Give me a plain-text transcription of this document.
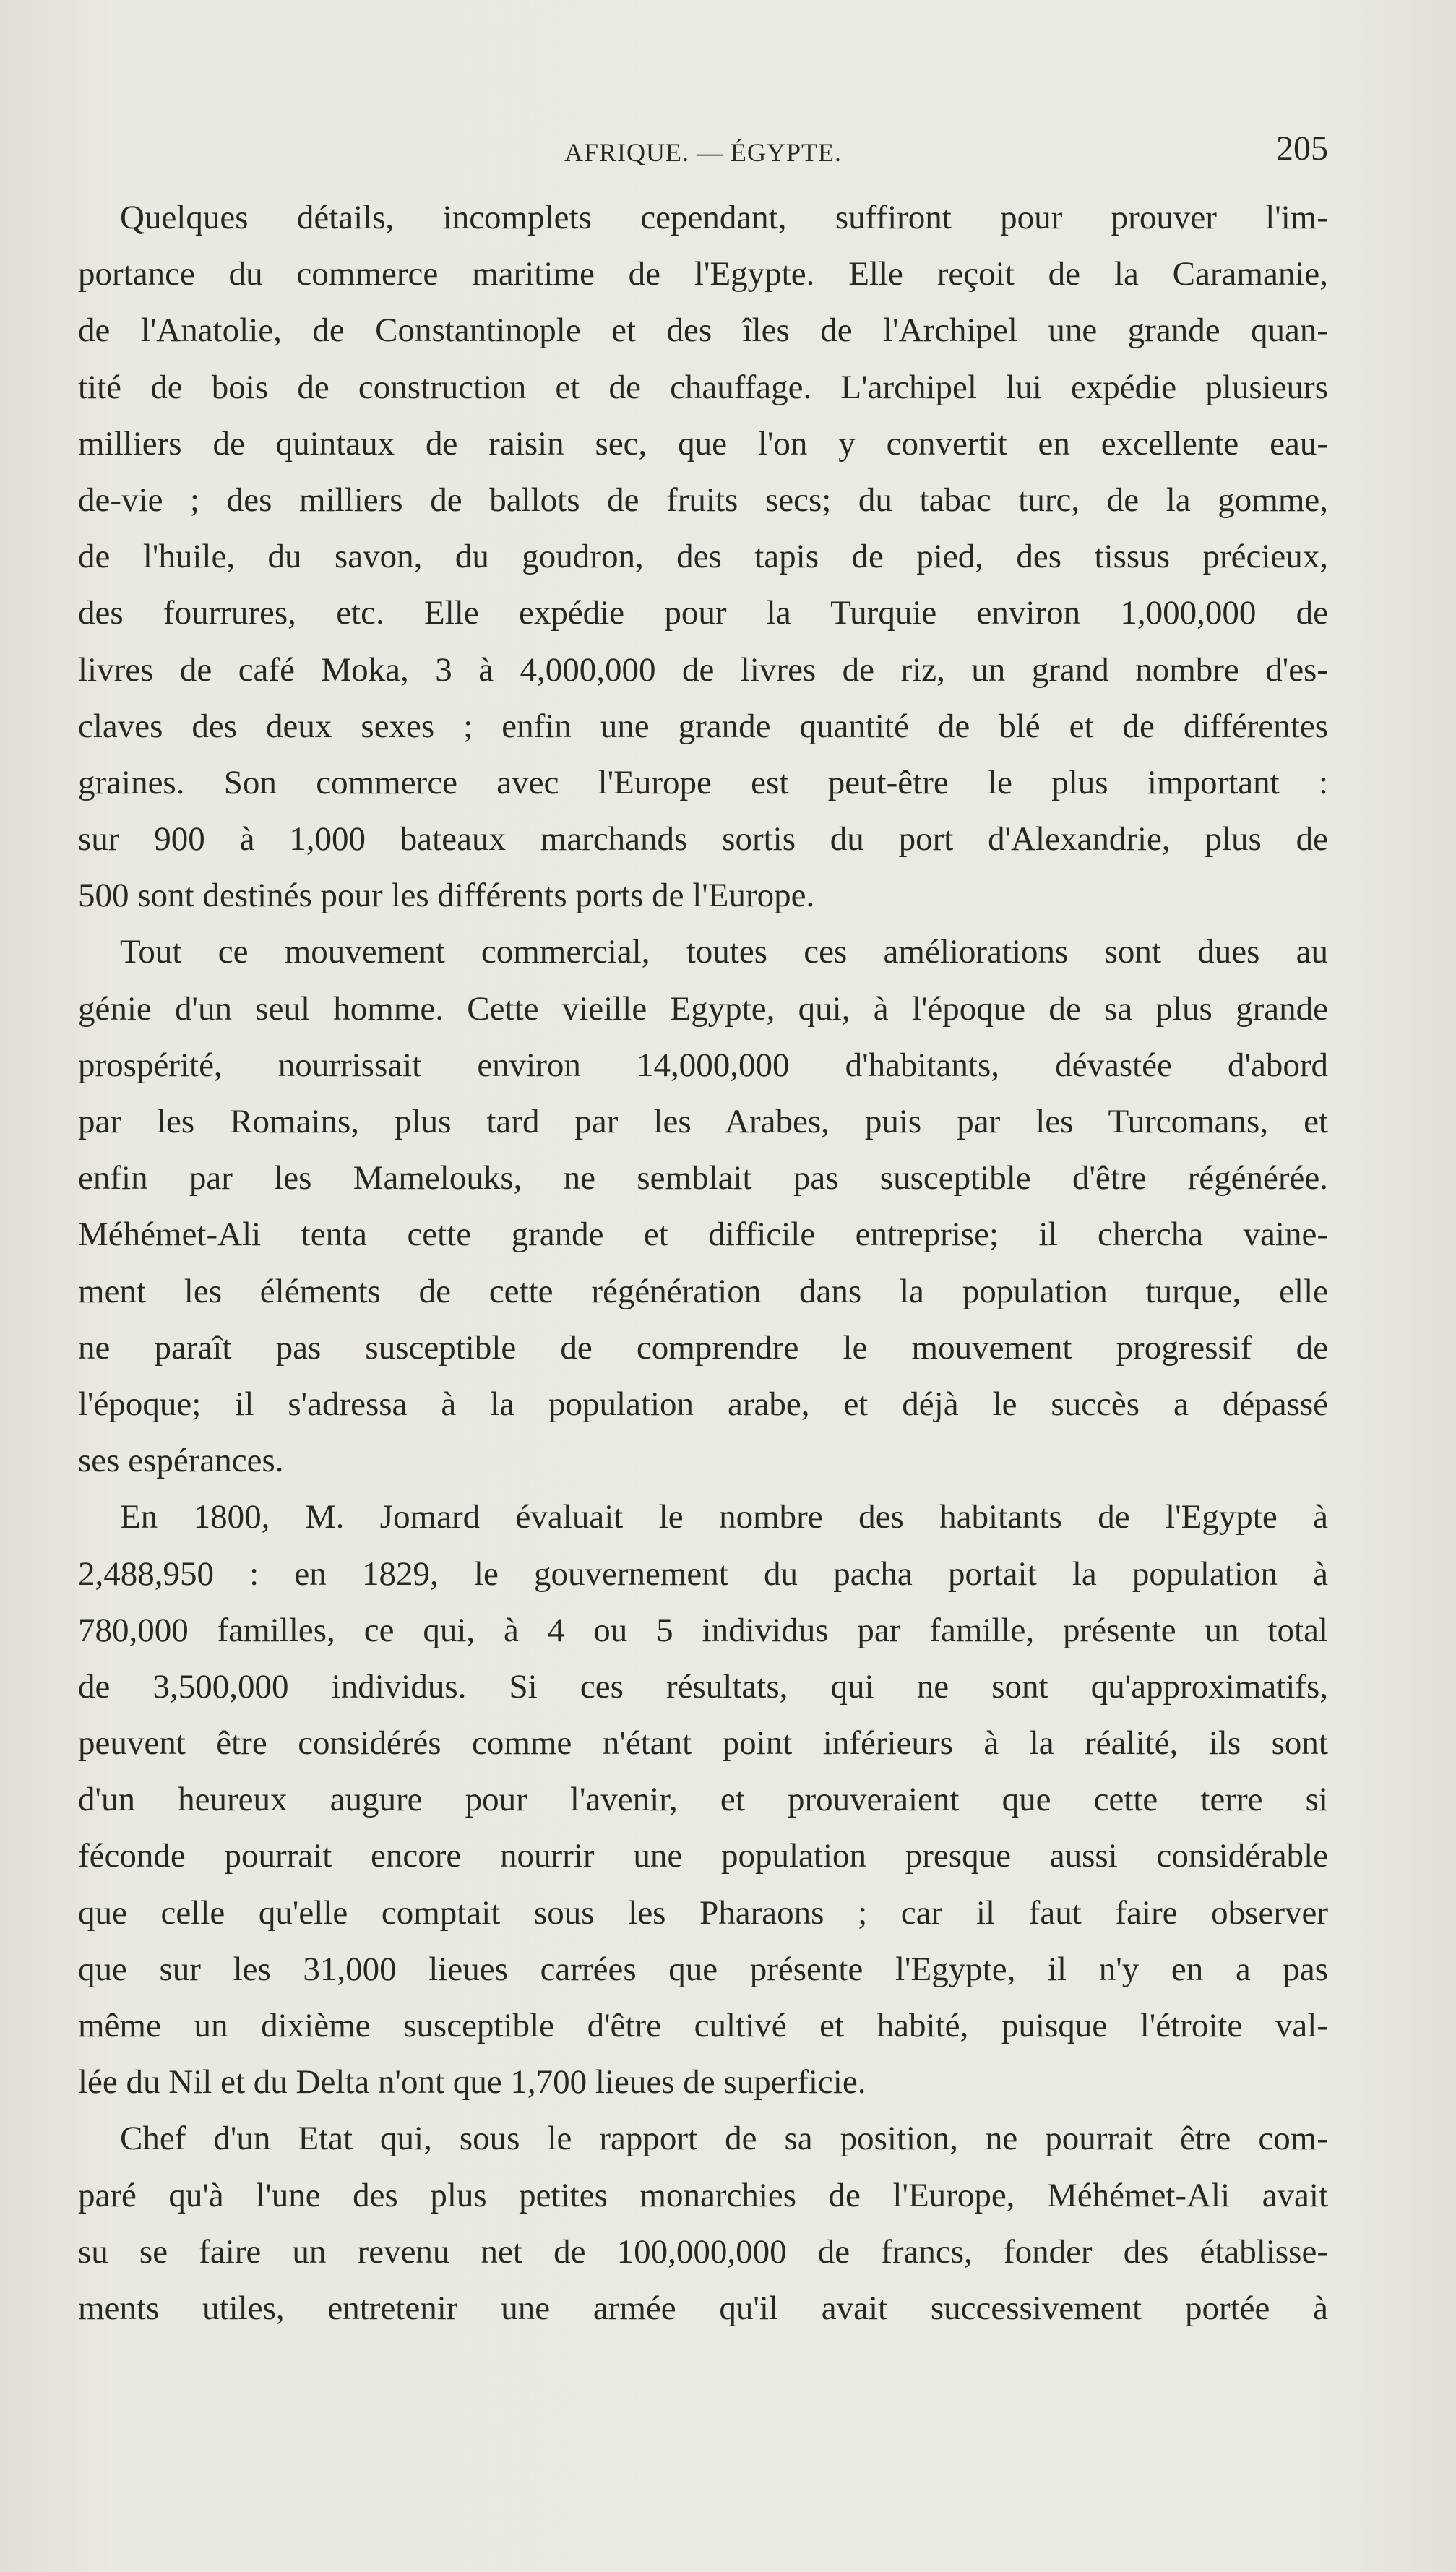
AFRIQUE. — ÉGYPTE.	205
Quelques détails, incomplets cependant, suffiront pour prouver l'im-
portance du commerce maritime de l'Egypte. Elle reçoit de la Caramanie,
de l'Anatolie, de Constantinople et des îles de l'Archipel une grande quan-
tité de bois de construction et de chauffage. L'archipel lui expédie plusieurs
milliers de quintaux de raisin sec, que l'on y convertit en excellente eau-
de-vie ; des milliers de ballots de fruits secs; du tabac turc, de la gomme,
de l'huile, du savon, du goudron, des tapis de pied, des tissus précieux,
des fourrures, etc. Elle expédie pour la Turquie environ 1,000,000 de
livres de café Moka, 3 à 4,000,000 de livres de riz, un grand nombre d'es-
claves des deux sexes ; enfin une grande quantité de blé et de différentes
graines. Son commerce avec l'Europe est peut-être le plus important :
sur 900 à 1,000 bateaux marchands sortis du port d'Alexandrie, plus de
500 sont destinés pour les différents ports de l'Europe.
Tout ce mouvement commercial, toutes ces améliorations sont dues au
génie d'un seul homme. Cette vieille Egypte, qui, à l'époque de sa plus grande
prospérité, nourrissait environ 14,000,000 d'habitants, dévastée d'abord
par les Romains, plus tard par les Arabes, puis par les Turcomans, et
enfin par les Mamelouks, ne semblait pas susceptible d'être régénérée.
Méhémet-Ali tenta cette grande et difficile entreprise; il chercha vaine-
ment les éléments de cette régénération dans la population turque, elle
ne paraît pas susceptible de comprendre le mouvement progressif de
l'époque; il s'adressa à la population arabe, et déjà le succès a dépassé
ses espérances.
En 1800, M. Jomard évaluait le nombre des habitants de l'Egypte à
2,488,950 : en 1829, le gouvernement du pacha portait la population à
780,000 familles, ce qui, à 4 ou 5 individus par famille, présente un total
de 3,500,000 individus. Si ces résultats, qui ne sont qu'approximatifs,
peuvent être considérés comme n'étant point inférieurs à la réalité, ils sont
d'un heureux augure pour l'avenir, et prouveraient que cette terre si
féconde pourrait encore nourrir une population presque aussi considérable
que celle qu'elle comptait sous les Pharaons ; car il faut faire observer
que sur les 31,000 lieues carrées que présente l'Egypte, il n'y en a pas
même un dixième susceptible d'être cultivé et habité, puisque l'étroite val-
lée du Nil et du Delta n'ont que 1,700 lieues de superficie.
Chef d'un Etat qui, sous le rapport de sa position, ne pourrait être com-
paré qu'à l'une des plus petites monarchies de l'Europe, Méhémet-Ali avait
su se faire un revenu net de 100,000,000 de francs, fonder des établisse-
ments utiles, entretenir une armée qu'il avait successivement portée à
